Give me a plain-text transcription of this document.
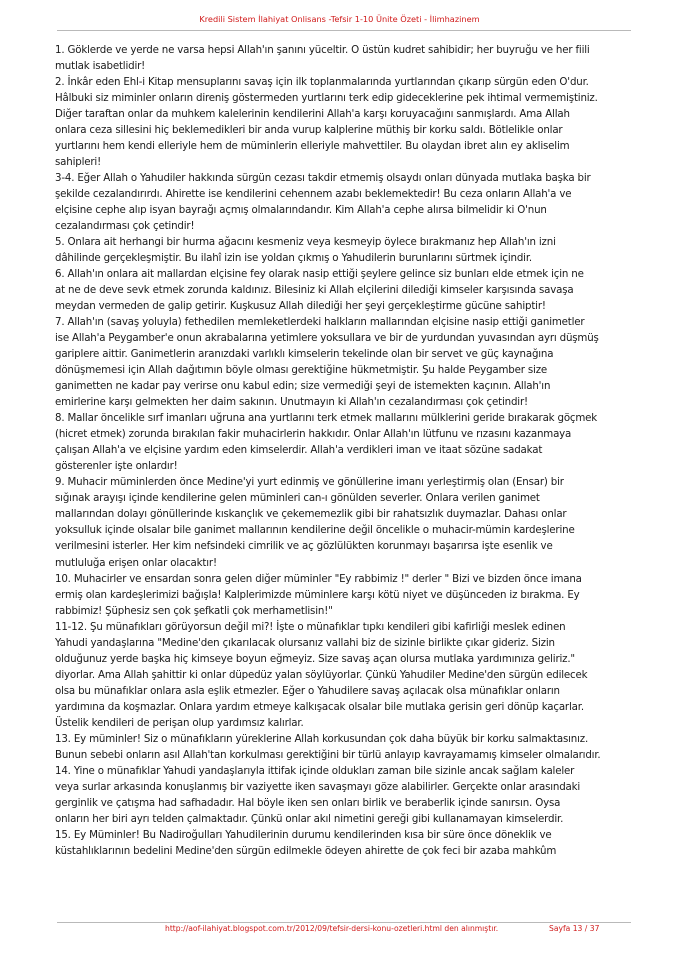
Kredili Sistem İlahiyat Onlisans -Tefsir 1-10 Ünite Özeti - İlimhazinem
1. Göklerde ve yerde ne varsa hepsi Allah'ın şanını yüceltir. O üstün kudret sahibidir; her buyruğu ve her fiili
mutlak isabetlidir!
2. İnkâr eden Ehl-i Kitap mensuplarını savaş için ilk toplanmalarında yurtlarından çıkarıp sürgün eden O'dur.
Hâlbuki siz miminler onların direniş göstermeden yurtlarını terk edip gideceklerine pek ihtimal vermemiştiniz.
Diğer taraftan onlar da muhkem kalelerinin kendilerini Allah'a karşı koruyacağını sanmışlardı. Ama Allah
onlara ceza sillesini hiç beklemedikleri bir anda vurup kalplerine müthiş bir korku saldı. Bötlelikle onlar
yurtlarını hem kendi elleriyle hem de müminlerin elleriyle mahvettiler. Bu olaydan ibret alın ey akliselim
sahipleri!
3-4. Eğer Allah o Yahudiler hakkında sürgün cezası takdir etmemiş olsaydı onları dünyada mutlaka başka bir
şekilde cezalandırırdı. Ahirette ise kendilerini cehennem azabı beklemektedir! Bu ceza onların Allah'a ve
elçisine cephe alıp isyan bayrağı açmış olmalarındandır. Kim Allah'a cephe alırsa bilmelidir ki O'nun
cezalandırması çok çetindir!
5. Onlara ait herhangi bir hurma ağacını kesmeniz veya kesmeyip öylece bırakmanız hep Allah'ın izni
dâhilinde gerçekleşmiştir. Bu ilahî izin ise yoldan çıkmış o Yahudilerin burunlarını sürtmek içindir.
6. Allah'ın onlara ait mallardan elçisine fey olarak nasip ettiği şeylere gelince siz bunları elde etmek için ne
at ne de deve sevk etmek zorunda kaldınız. Bilesiniz ki Allah elçilerini dilediği kimseler karşısında savaşa
meydan vermeden de galip getirir. Kuşkusuz Allah dilediği her şeyi gerçekleştirme gücüne sahiptir!
7. Allah'ın (savaş yoluyla) fethedilen memleketlerdeki halkların mallarından elçisine nasip ettiği ganimetler
ise Allah'a Peygamber'e onun akrabalarına yetimlere yoksullara ve bir de yurdundan yuvasından ayrı düşmüş
gariplere aittir. Ganimetlerin aranızdaki varlıklı kimselerin tekelinde olan bir servet ve güç kaynağına
dönüşmemesi için Allah dağıtımın böyle olması gerektiğine hükmetmiştir. Şu halde Peygamber size
ganimetten ne kadar pay verirse onu kabul edin; size vermediği şeyi de istemekten kaçının. Allah'ın
emirlerine karşı gelmekten her daim sakının. Unutmayın ki Allah'ın cezalandırması çok çetindir!
8. Mallar öncelikle sırf imanları uğruna ana yurtlarını terk etmek mallarını mülklerini geride bırakarak göçmek
(hicret etmek) zorunda bırakılan fakir muhacirlerin hakkıdır. Onlar Allah'ın lütfunu ve rızasını kazanmaya
çalışan Allah'a ve elçisine yardım eden kimselerdir. Allah'a verdikleri iman ve itaat sözüne sadakat
gösterenler işte onlardır!
9. Muhacir müminlerden önce Medine'yi yurt edinmiş ve gönüllerine imanı yerleştirmiş olan (Ensar) bir
sığınak arayışı içinde kendilerine gelen müminleri can-ı gönülden severler. Onlara verilen ganimet
mallarından dolayı gönüllerinde kıskançlık ve çekememezlik gibi bir rahatsızlık duymazlar. Dahası onlar
yoksulluk içinde olsalar bile ganimet mallarının kendilerine değil öncelikle o muhacir-mümin kardeşlerine
verilmesini isterler. Her kim nefsindeki cimrilik ve aç gözlülükten korunmayı başarırsa işte esenlik ve
mutluluğa erişen onlar olacaktır!
10. Muhacirler ve ensardan sonra gelen diğer müminler "Ey rabbimiz !" derler " Bizi ve bizden önce imana
ermiş olan kardeşlerimizi bağışla! Kalplerimizde müminlere karşı kötü niyet ve düşünceden iz bırakma. Ey
rabbimiz! Şüphesiz sen çok şefkatli çok merhametlisin!"
11-12. Şu münafıkları görüyorsun değil mi?! İşte o münafıklar tıpkı kendileri gibi kafirliği meslek edinen
Yahudi yandaşlarına "Medine'den çıkarılacak olursanız vallahi biz de sizinle birlikte çıkar gideriz. Sizin
olduğunuz yerde başka hiç kimseye boyun eğmeyiz. Size savaş açan olursa mutlaka yardımınıza geliriz."
diyorlar. Ama Allah şahittir ki onlar düpedüz yalan söylüyorlar. Çünkü Yahudiler Medine'den sürgün edilecek
olsa bu münafıklar onlara asla eşlik etmezler. Eğer o Yahudilere savaş açılacak olsa münafıklar onların
yardımına da koşmazlar. Onlara yardım etmeye kalkışacak olsalar bile mutlaka gerisin geri dönüp kaçarlar.
Üstelik kendileri de perişan olup yardımsız kalırlar.
13. Ey müminler! Siz o münafıkların yüreklerine Allah korkusundan çok daha büyük bir korku salmaktasınız.
Bunun sebebi onların asıl Allah'tan korkulması gerektiğini bir türlü anlayıp kavrayamamış kimseler olmalarıdır.
14. Yine o münafıklar Yahudi yandaşlarıyla ittifak içinde oldukları zaman bile sizinle ancak sağlam kaleler
veya surlar arkasında konuşlanmış bir vaziyette iken savaşmayı göze alabilirler. Gerçekte onlar arasındaki
gerginlik ve çatışma had safhadadır. Hal böyle iken sen onları birlik ve beraberlik içinde sanırsın. Oysa
onların her biri ayrı telden çalmaktadır. Çünkü onlar akıl nimetini gereği gibi kullanamayan kimselerdir.
15. Ey Müminler! Bu Nadiroğulları Yahudilerinin durumu kendilerinden kısa bir süre önce döneklik ve
küstahlıklarının bedelini Medine'den sürgün edilmekle ödeyen ahirette de çok feci bir azaba mahkûm
http://aof-ilahiyat.blogspot.com.tr/2012/09/tefsir-dersi-konu-ozetleri.html den alınmıştır.	Sayfa 13 / 37
